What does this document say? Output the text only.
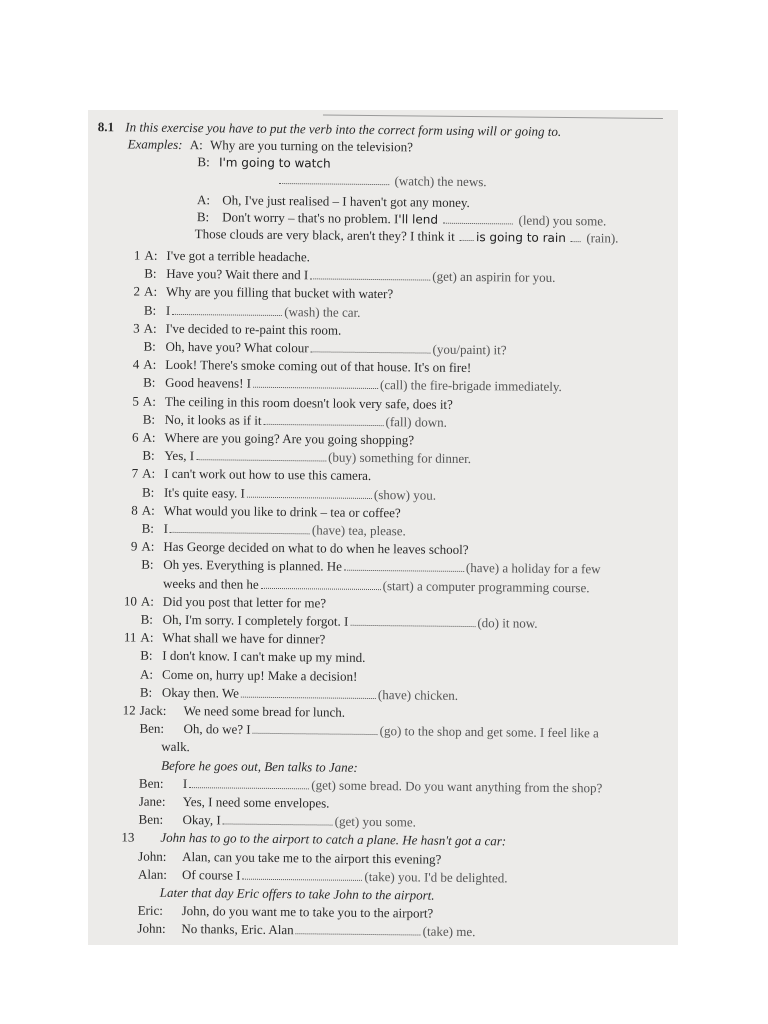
8.1 In this exercise you have to put the verb into the correct form using will or going to.
Examples: A: Why are you turning on the television?
B: I'm going to watch
(watch) the news.
A: Oh, I've just realised – I haven't got any money.
B: Don't worry – that's no problem. I'll lend	(lend) you some.
Those clouds are very black, aren't they? I think it is going to rain (rain).
1 A: I've got a terrible headache.
B: Have you? Wait there and I	(get) an aspirin for you.
2 A: Why are you filling that bucket with water?
B: I	(wash) the car.
3 A: I've decided to re-paint this room.
B: Oh, have you? What colour	(you/paint) it?
4 A: Look! There's smoke coming out of that house. It's on fire!
B: Good heavens! I	(call) the fire-brigade immediately.
5 A: The ceiling in this room doesn't look very safe, does it?
B: No, it looks as if it	(fall) down.
6 A: Where are you going? Are you going shopping?
B: Yes, I	(buy) something for dinner.
7 A: I can't work out how to use this camera.
B: It's quite easy. I	(show) you.
8 A: What would you like to drink – tea or coffee?
B: I	(have) tea, please.
9 A: Has George decided on what to do when he leaves school?
B: Oh yes. Everything is planned. He	(have) a holiday for a few
weeks and then he	(start) a computer programming course.
10 A: Did you post that letter for me?
B: Oh, I'm sorry. I completely forgot. I	(do) it now.
11 A: What shall we have for dinner?
B: I don't know. I can't make up my mind.
A: Come on, hurry up! Make a decision!
B: Okay then. We	(have) chicken.
12 Jack: We need some bread for lunch.
Ben: Oh, do we? I	(go) to the shop and get some. I feel like a
walk.
Before he goes out, Ben talks to Jane:
Ben: I	(get) some bread. Do you want anything from the shop?
Jane: Yes, I need some envelopes.
Ben: Okay, I	(get) you some.
13 John has to go to the airport to catch a plane. He hasn't got a car:
John: Alan, can you take me to the airport this evening?
Alan: Of course I	(take) you. I'd be delighted.
Later that day Eric offers to take John to the airport.
Eric: John, do you want me to take you to the airport?
John: No thanks, Eric. Alan	(take) me.
